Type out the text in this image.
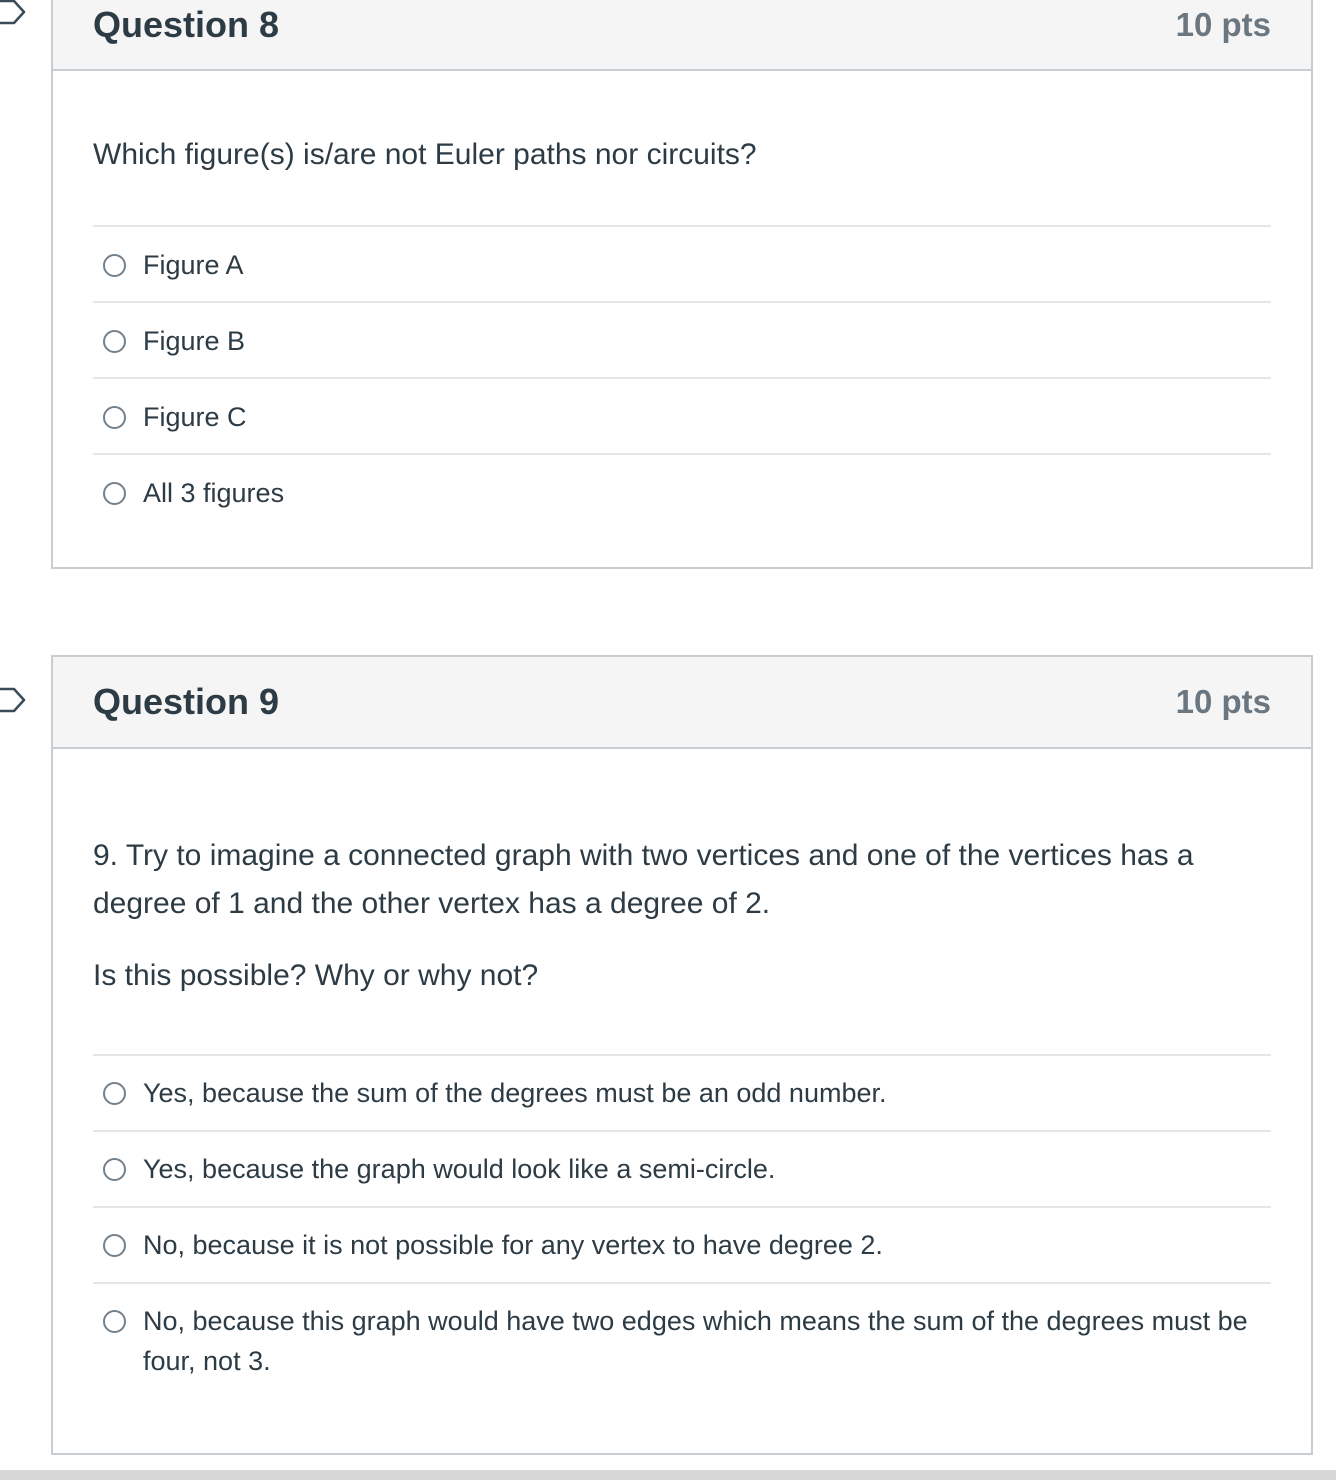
Question 8	10 pts

Which figure(s) is/are not Euler paths nor circuits?

Figure A
Figure B
Figure C
All 3 figures
Question 9	10 pts

9. Try to imagine a connected graph with two vertices and one of the vertices has a degree of 1 and the other vertex has a degree of 2.

Is this possible? Why or why not?

Yes, because the sum of the degrees must be an odd number.
Yes, because the graph would look like a semi-circle.
No, because it is not possible for any vertex to have degree 2.
No, because this graph would have two edges which means the sum of the degrees must be four, not 3.
